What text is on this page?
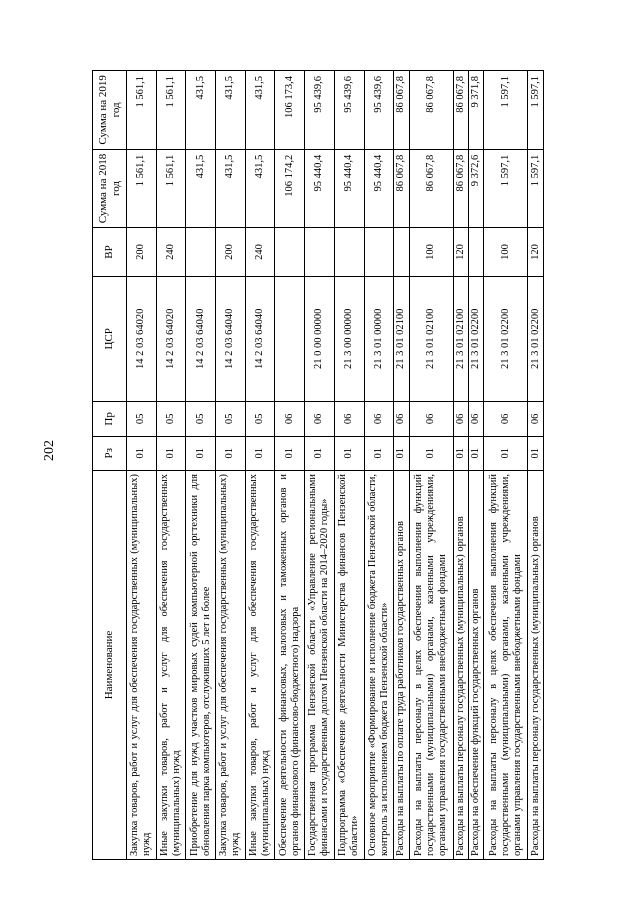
202
Наименование	Рз	Пр	ЦСР	ВР	Сумма на 2018 год	Сумма на 2019 год
Закупка товаров, работ и услуг для обеспечения государственных (муниципальных) нужд	01	05	14 2 03 64020	200	1 561,1	1 561,1
Иные закупки товаров, работ и услуг для обеспечения государственных (муниципальных) нужд	01	05	14 2 03 64020	240	1 561,1	1 561,1
Приобретение для нужд участков мировых судей компьютерной оргтехники для обновления парка компьютеров, отслуживших 5 лет и более	01	05	14 2 03 64040		431,5	431,5
Закупка товаров, работ и услуг для обеспечения государственных (муниципальных) нужд	01	05	14 2 03 64040	200	431,5	431,5
Иные закупки товаров, работ и услуг для обеспечения государственных (муниципальных) нужд	01	05	14 2 03 64040	240	431,5	431,5
Обеспечение деятельности финансовых, налоговых и таможенных органов и органов финансового (финансово-бюджетного) надзора	01	06			106 174,2	106 173,4
Государственная программа Пензенской области «Управление региональными финансами и государственным долгом Пензенской области на 2014–2020 годы»	01	06	21 0 00 00000		95 440,4	95 439,6
Подпрограмма «Обеспечение деятельности Министерства финансов Пензенской области»	01	06	21 3 00 00000		95 440,4	95 439,6
Основное мероприятие «Формирование и исполнение бюджета Пензенской области, контроль за исполнением бюджета Пензенской области»	01	06	21 3 01 00000		95 440,4	95 439,6
Расходы на выплаты по оплате труда работников государственных органов	01	06	21 3 01 02100		86 067,8	86 067,8
Расходы на выплаты персоналу в целях обеспечения выполнения функций государственными (муниципальными) органами, казенными учреждениями, органами управления государственными внебюджетными фондами	01	06	21 3 01 02100	100	86 067,8	86 067,8
Расходы на выплаты персоналу государственных (муниципальных) органов	01	06	21 3 01 02100	120	86 067,8	86 067,8
Расходы на обеспечение функций государственных органов	01	06	21 3 01 02200		9 372,6	9 371,8
Расходы на выплаты персоналу в целях обеспечения выполнения функций государственными (муниципальными) органами, казенными учреждениями, органами управления государственными внебюджетными фондами	01	06	21 3 01 02200	100	1 597,1	1 597,1
Расходы на выплаты персоналу государственных (муниципальных) органов	01	06	21 3 01 02200	120	1 597,1	1 597,1
